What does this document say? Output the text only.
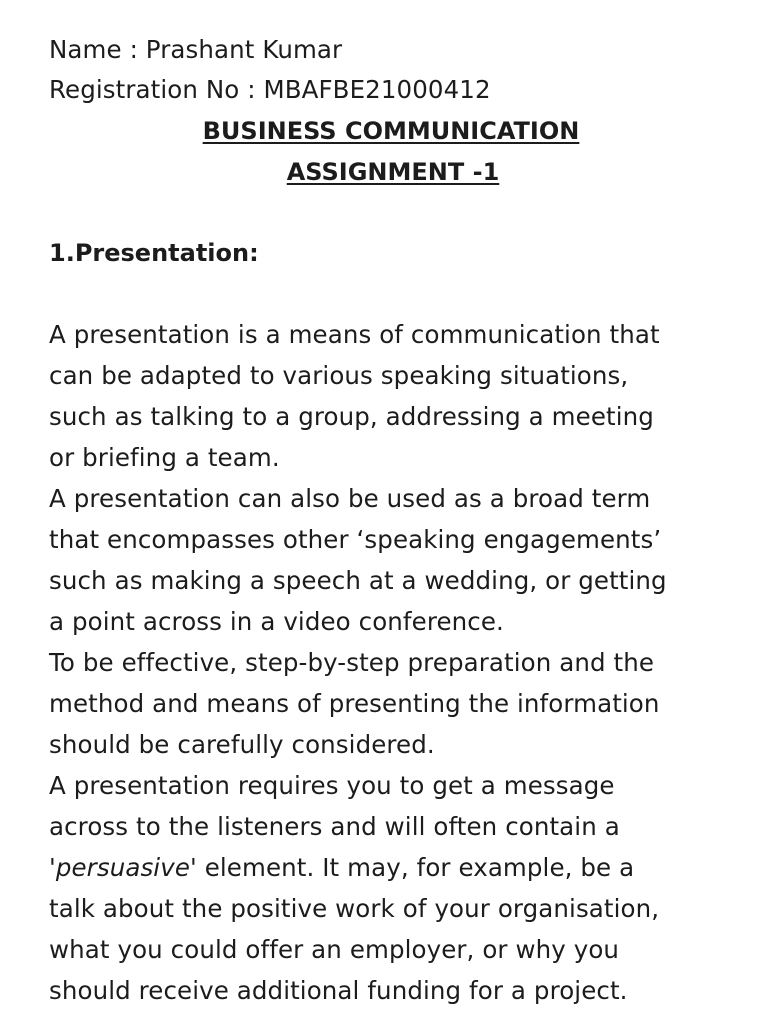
Name : Prashant Kumar
Registration No : MBAFBE21000412
BUSINESS COMMUNICATION
ASSIGNMENT -1
1.Presentation:
A presentation is a means of communication that
can be adapted to various speaking situations,
such as talking to a group, addressing a meeting
or briefing a team.
A presentation can also be used as a broad term
that encompasses other ‘speaking engagements’
such as making a speech at a wedding, or getting
a point across in a video conference.
To be effective, step-by-step preparation and the
method and means of presenting the information
should be carefully considered.
A presentation requires you to get a message
across to the listeners and will often contain a
'persuasive' element. It may, for example, be a
talk about the positive work of your organisation,
what you could offer an employer, or why you
should receive additional funding for a project.
